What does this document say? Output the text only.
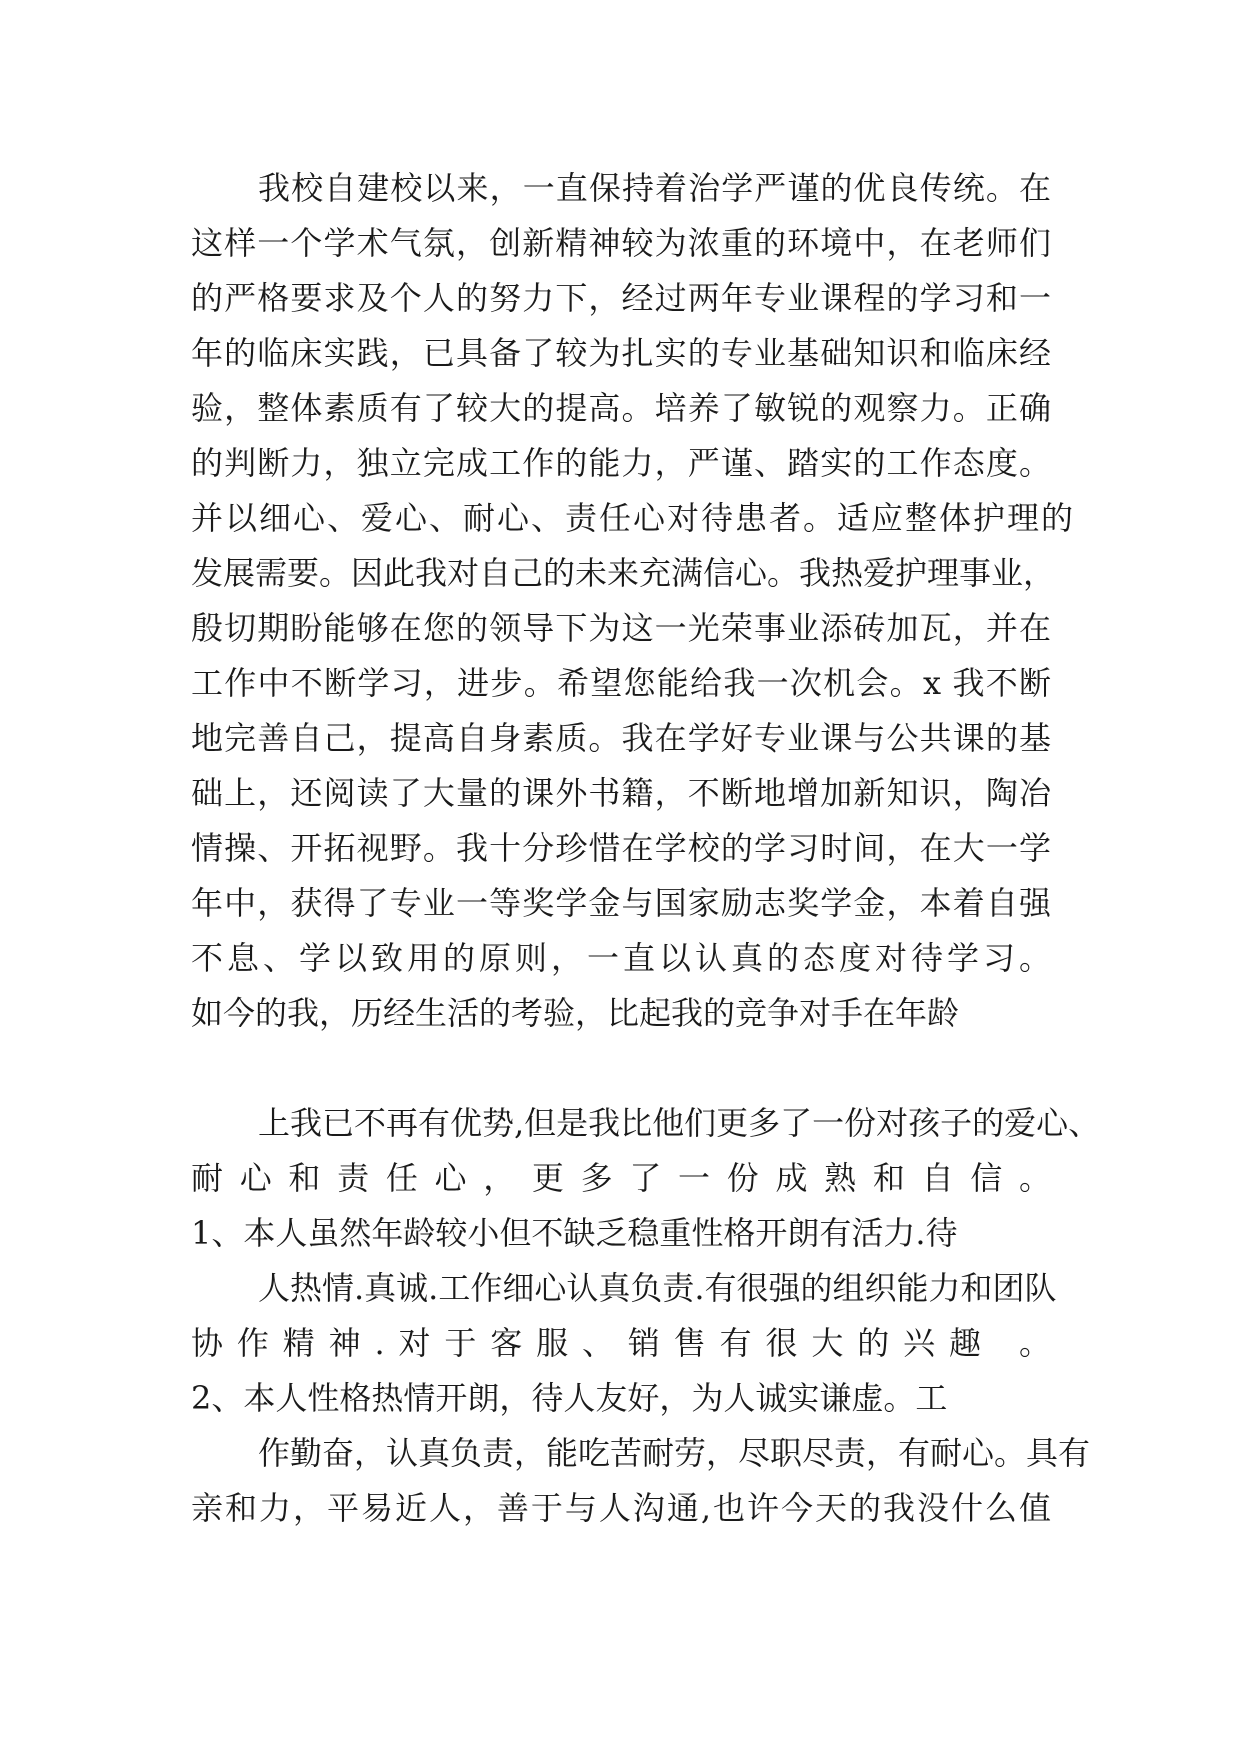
我校自建校以来，一直保持着治学严谨的优良传统。在
这样一个学术气氛，创新精神较为浓重的环境中，在老师们
的严格要求及个人的努力下，经过两年专业课程的学习和一
年的临床实践，已具备了较为扎实的专业基础知识和临床经
验，整体素质有了较大的提高。培养了敏锐的观察力。正确
的判断力，独立完成工作的能力，严谨、踏实的工作态度。
并以细心、爱心、耐心、责任心对待患者。适应整体护理的
发展需要。因此我对自己的未来充满信心。我热爱护理事业，
殷切期盼能够在您的领导下为这一光荣事业添砖加瓦，并在
工作中不断学习，进步。希望您能给我一次机会。x 我不断
地完善自己，提高自身素质。我在学好专业课与公共课的基
础上，还阅读了大量的课外书籍，不断地增加新知识，陶冶
情操、开拓视野。我十分珍惜在学校的学习时间，在大一学
年中，获得了专业一等奖学金与国家励志奖学金，本着自强
不息、学以致用的原则，一直以认真的态度对待学习。
如今的我，历经生活的考验，比起我的竞争对手在年龄
上我已不再有优势,但是我比他们更多了一份对孩子的爱心、
耐心和责任心，更多了一份成熟和自信。
1、本人虽然年龄较小但不缺乏稳重性格开朗有活力.待
人热情.真诚.工作细心认真负责.有很强的组织能力和团队
协作精神.对于客服、销售有很大的兴趣 。
2、本人性格热情开朗，待人友好，为人诚实谦虚。工
作勤奋，认真负责，能吃苦耐劳，尽职尽责，有耐心。具有
亲和力，平易近人，善于与人沟通,也许今天的我没什么值
